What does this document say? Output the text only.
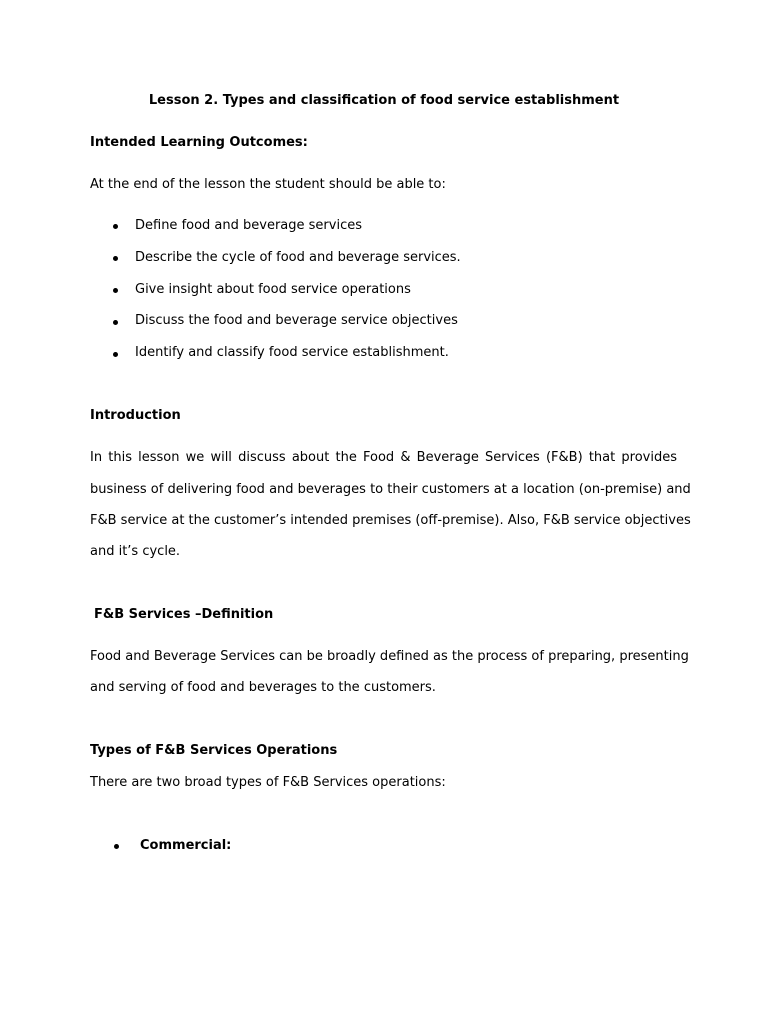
Lesson 2. Types and classification of food service establishment
Intended Learning Outcomes:
At the end of the lesson the student should be able to:
Define food and beverage services
Describe the cycle of food and beverage services.
Give insight about food service operations
Discuss the food and beverage service objectives
Identify and classify food service establishment.
Introduction
In this lesson we will discuss about the Food & Beverage Services (F&B) that provides
business of delivering food and beverages to their customers at a location (on-premise) and
F&B service at the customer’s intended premises (off-premise). Also, F&B service objectives
and it’s cycle.
F&B Services –Definition
Food and Beverage Services can be broadly defined as the process of preparing, presenting
and serving of food and beverages to the customers.
Types of F&B Services Operations
There are two broad types of F&B Services operations:
Commercial:
